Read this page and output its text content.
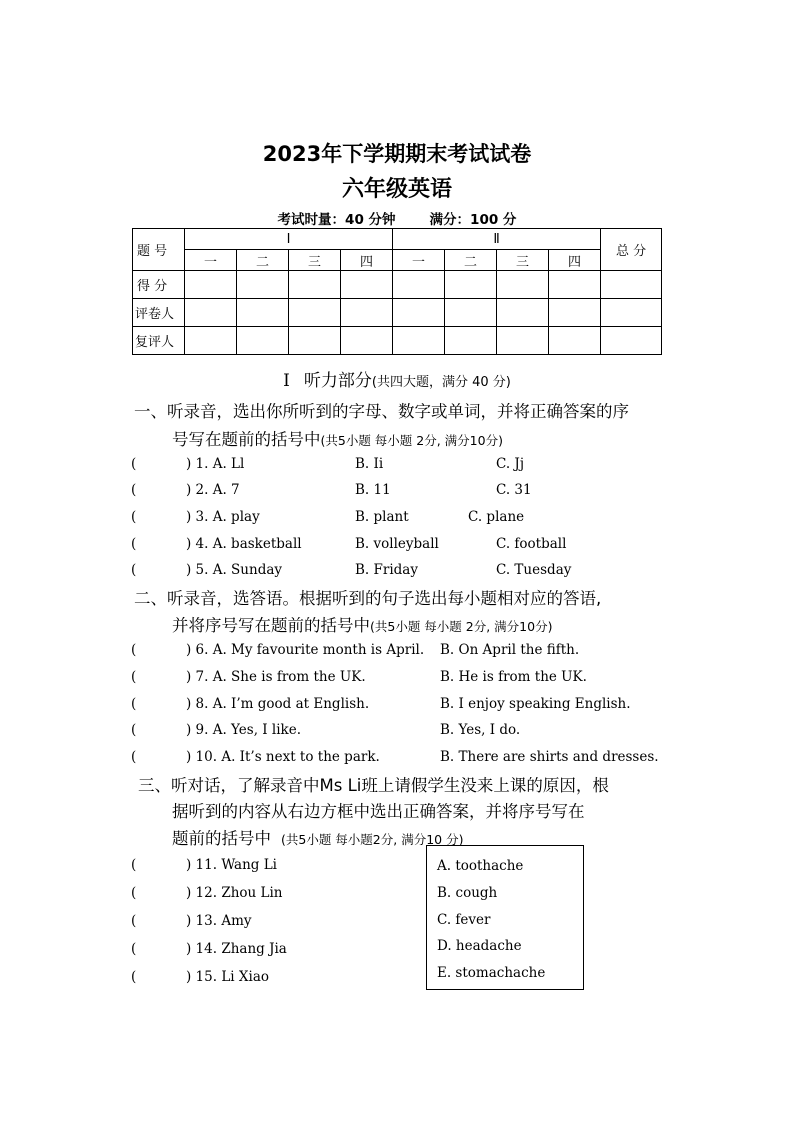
2023年下学期期末考试试卷
六年级英语
考试时量：40 分钟	满分：100 分
题 号	Ⅰ				Ⅱ				总 分

	一	二	三	四	一	二	三	四	

得 分									

评卷人									
复评人									
Ⅰ 听力部分(共四大题，满分 40 分)
一、听录音，选出你所听到的字母、数字或单词，并将正确答案的序
号写在题前的括号中(共5小题 每小题 2分, 满分10分)
(	) 1. A. Ll	B. Ii	C. Jj
(	) 2. A. 7	B. 11	C. 31
(	) 3. A. play	B. plant	C. plane
(	) 4. A. basketball	B. volleyball	C. football
(	) 5. A. Sunday	B. Friday	C. Tuesday
二、听录音，选答语。根据听到的句子选出每小题相对应的答语,
并将序号写在题前的括号中(共5小题 每小题 2分, 满分10分)
(	) 6. A. My favourite month is April. B. On April the fifth.
(	) 7. A. She is from the UK.	B. He is from the UK.
(	) 8. A. I’m good at English.	B. I enjoy speaking English.
(	) 9. A. Yes, I like.	B. Yes, I do.
(	) 10. A. It’s next to the park.	B. There are shirts and dresses.
三、听对话，了解录音中Ms Li班上请假学生没来上课的原因，根
据听到的内容从右边方框中选出正确答案，并将序号写在
题前的括号中 (共5小题 每小题2分, 满分10 分)
(	) 11. Wang Li
(	) 12. Zhou Lin
(	) 13. Amy
(	) 14. Zhang Jia
(	) 15. Li Xiao
A. toothache
B. cough
C. fever
D. headache
E. stomachache
